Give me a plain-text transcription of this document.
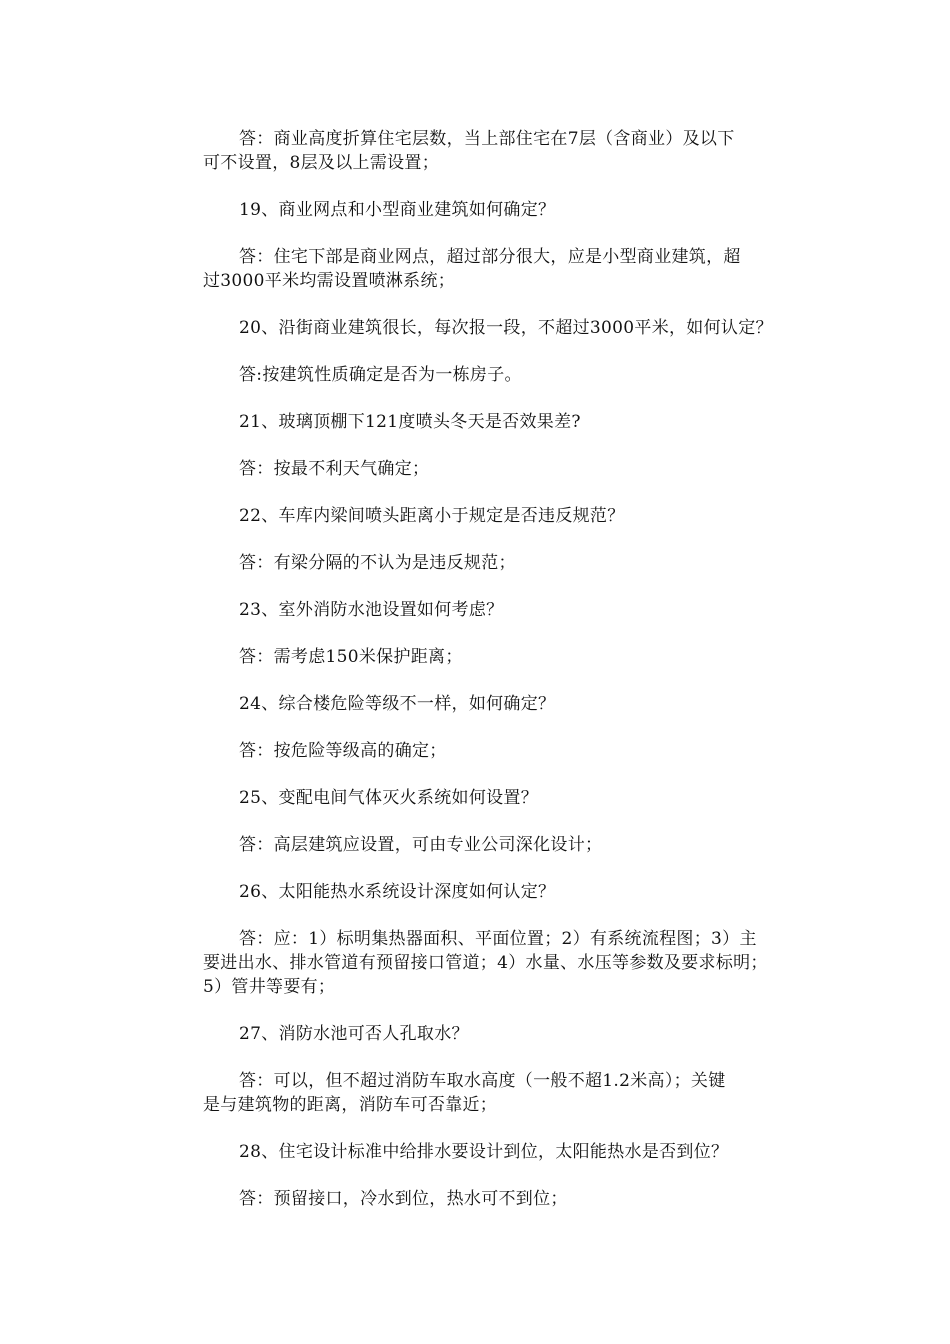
答：商业高度折算住宅层数，当上部住宅在7层（含商业）及以下
可不设置，8层及以上需设置；
19、商业网点和小型商业建筑如何确定？
答：住宅下部是商业网点，超过部分很大，应是小型商业建筑，超
过3000平米均需设置喷淋系统；
20、沿街商业建筑很长，每次报一段，不超过3000平米，如何认定？
答:按建筑性质确定是否为一栋房子。
21、玻璃顶棚下121度喷头冬天是否效果差?
答：按最不利天气确定；
22、车库内梁间喷头距离小于规定是否违反规范？
答：有梁分隔的不认为是违反规范；
23、室外消防水池设置如何考虑？
答：需考虑150米保护距离；
24、综合楼危险等级不一样，如何确定？
答：按危险等级高的确定；
25、变配电间气体灭火系统如何设置？
答：高层建筑应设置，可由专业公司深化设计；
26、太阳能热水系统设计深度如何认定？
答：应：1）标明集热器面积、平面位置；2）有系统流程图；3）主
要进出水、排水管道有预留接口管道；4）水量、水压等参数及要求标明；
5）管井等要有；
27、消防水池可否人孔取水？
答：可以，但不超过消防车取水高度（一般不超1.2米高）；关键
是与建筑物的距离，消防车可否靠近；
28、住宅设计标准中给排水要设计到位，太阳能热水是否到位？
答：预留接口，冷水到位，热水可不到位；
